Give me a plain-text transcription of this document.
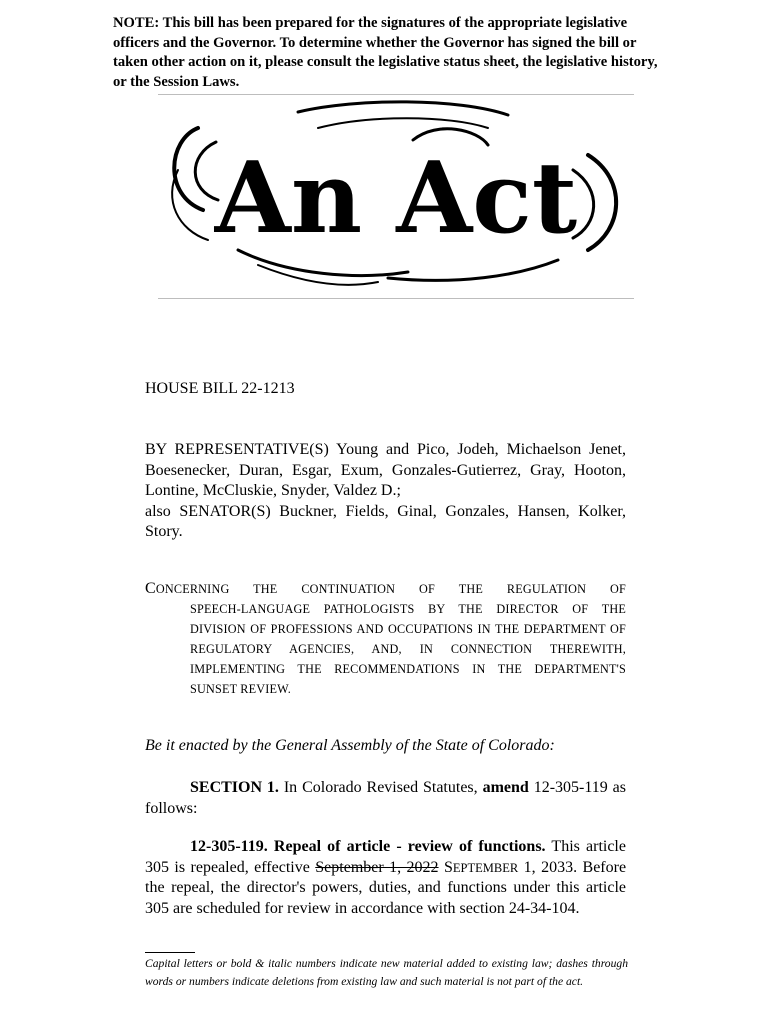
NOTE: This bill has been prepared for the signatures of the appropriate legislative officers and the Governor. To determine whether the Governor has signed the bill or taken other action on it, please consult the legislative status sheet, the legislative history, or the Session Laws.
An Act
HOUSE BILL 22-1213

BY REPRESENTATIVE(S) Young and Pico, Jodeh, Michaelson Jenet,

Boesenecker, Duran, Esgar, Exum, Gonzales-Gutierrez, Gray, Hooton,

Lontine, McCluskie, Snyder, Valdez D.;

also SENATOR(S) Buckner, Fields, Ginal, Gonzales, Hansen, Kolker,

Story.

CONCERNING THE CONTINUATION OF THE REGULATION OF
SPEECH-LANGUAGE PATHOLOGISTS BY THE DIRECTOR OF THE
DIVISION OF PROFESSIONS AND OCCUPATIONS IN THE DEPARTMENT OF
REGULATORY AGENCIES, AND, IN CONNECTION THEREWITH,
IMPLEMENTING THE RECOMMENDATIONS IN THE DEPARTMENT'S
SUNSET REVIEW.
Be it enacted by the General Assembly of the State of Colorado:

SECTION 1. In Colorado Revised Statutes, amend 12-305-119 as follows:

12-305-119. Repeal of article - review of functions. This article 305 is repealed, effective September 1, 2022 SEPTEMBER 1, 2033. Before the repeal, the director's powers, duties, and functions under this article 305 are scheduled for review in accordance with section 24-34-104.
Capital letters or bold & italic numbers indicate new material added to existing law; dashes through words or numbers indicate deletions from existing law and such material is not part of the act.
